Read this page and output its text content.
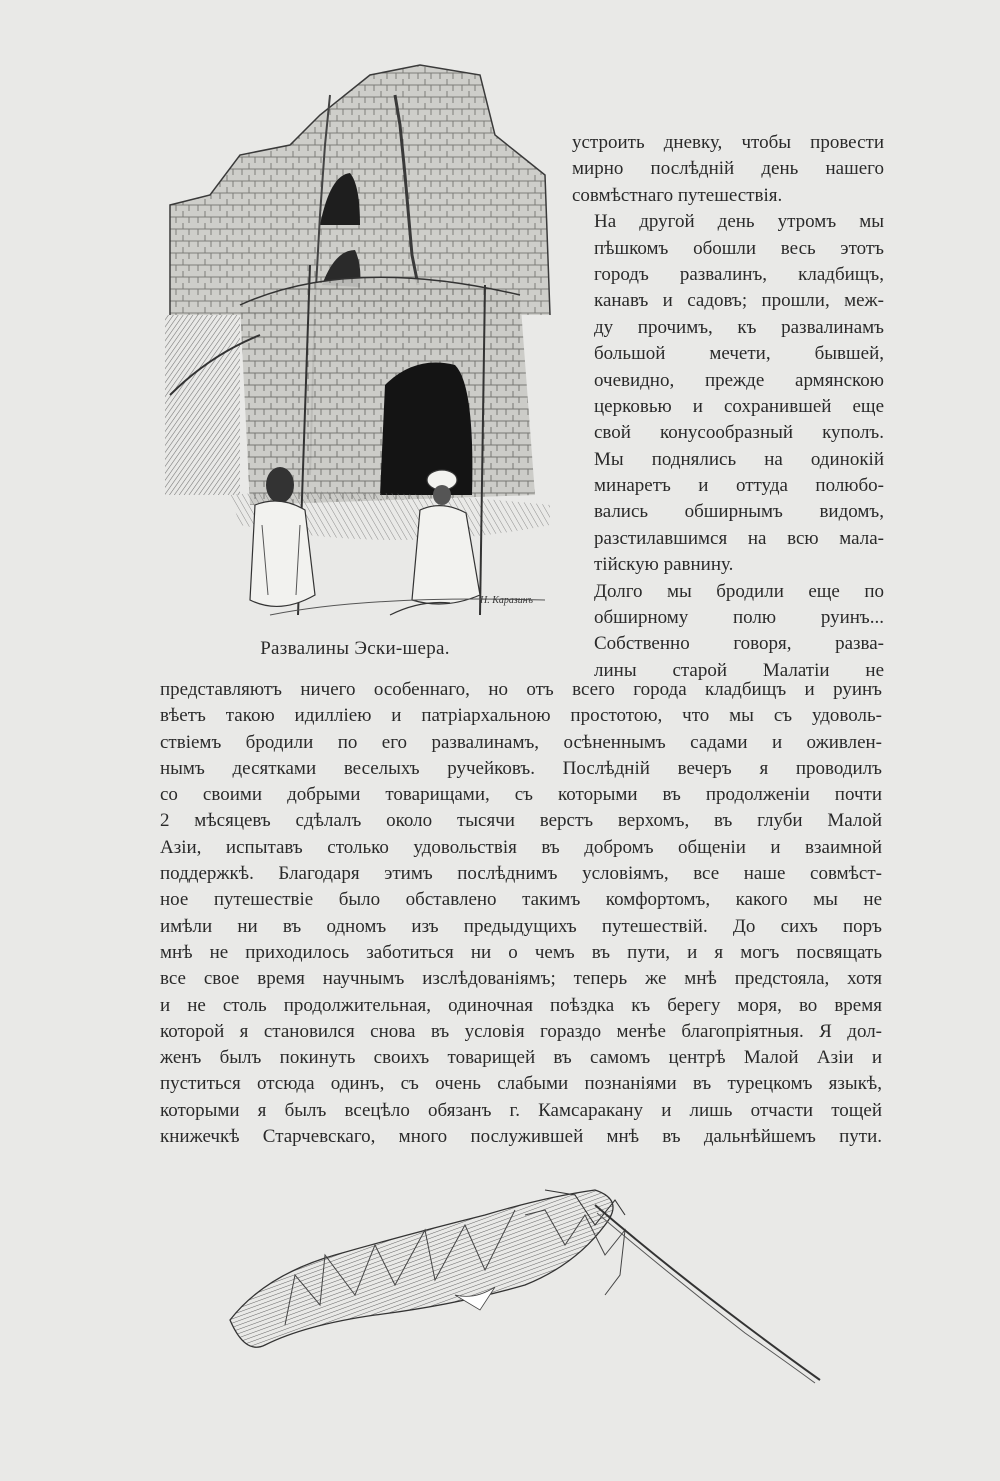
Н. Каразинъ
Развалины Эски-шера.
устроить дневку, чтобы провести
мирно послѣдній день нашего
совмѣстнаго путешествія.
На другой день утромъ мы
пѣшкомъ обошли весь этотъ
городъ развалинъ, кладбищъ,
канавъ и садовъ; прошли, меж-
ду прочимъ, къ развалинамъ
большой мечети, бывшей,
очевидно, прежде армянскою
церковью и сохранившей еще
свой конусообразный куполъ.
Мы поднялись на одинокій
минаретъ и оттуда полюбо-
вались обширнымъ видомъ,
разстилавшимся на всю мала-
тійскую равнину.
Долго мы бродили еще по
обширному полю руинъ...
Собственно говоря, разва-
лины старой Малатіи не
представляютъ ничего особеннаго, но отъ всего города кладбищъ и руинъ
вѣетъ такою идилліею и патріархальною простотою, что мы съ удоволь-
ствіемъ бродили по его развалинамъ, осѣненнымъ садами и оживлен-
нымъ десятками веселыхъ ручейковъ. Послѣдній вечеръ я проводилъ
со своими добрыми товарищами, съ которыми въ продолженіи почти
2 мѣсяцевъ сдѣлалъ около тысячи верстъ верхомъ, въ глуби Малой
Азіи, испытавъ столько удовольствія въ добромъ общеніи и взаимной
поддержкѣ. Благодаря этимъ послѣднимъ условіямъ, все наше совмѣст-
ное путешествіе было обставлено такимъ комфортомъ, какого мы не
имѣли ни въ одномъ изъ предыдущихъ путешествій. До сихъ поръ
мнѣ не приходилось заботиться ни о чемъ въ пути, и я могъ посвящать
все свое время научнымъ изслѣдованіямъ; теперь же мнѣ предстояла, хотя
и не столь продолжительная, одиночная поѣздка къ берегу моря, во время
которой я становился снова въ условія гораздо менѣе благопріятныя. Я дол-
женъ былъ покинуть своихъ товарищей въ самомъ центрѣ Малой Азіи и
пуститься отсюда одинъ, съ очень слабыми познаніями въ турецкомъ языкѣ,
которыми я былъ всецѣло обязанъ г. Камсаракану и лишь отчасти тощей
книжечкѣ Старчевскаго, много послужившей мнѣ въ дальнѣйшемъ пути.
